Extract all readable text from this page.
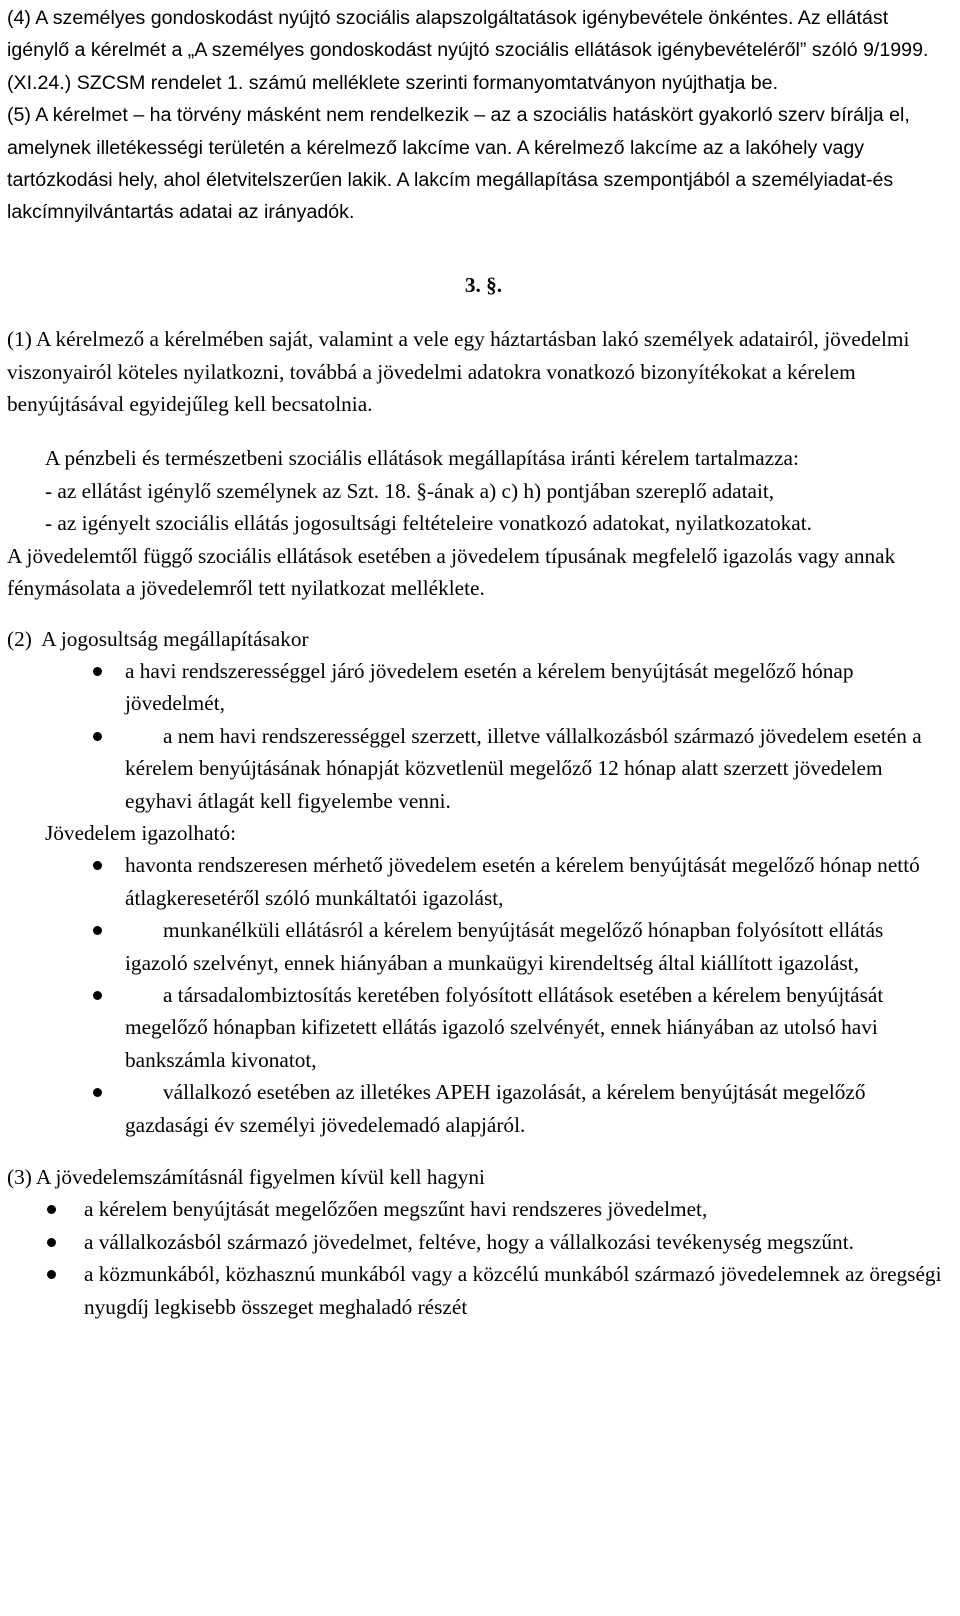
(4) A személyes gondoskodást nyújtó szociális alapszolgáltatások igénybevétele önkéntes. Az ellátást igénylő a kérelmét a „A személyes gondoskodást nyújtó szociális ellátások igénybevételéről” szóló 9/1999.(XI.24.) SZCSM rendelet 1. számú melléklete szerinti formanyomtatványon nyújthatja be.

(5) A kérelmet – ha törvény másként nem rendelkezik – az a szociális hatáskört gyakorló szerv bírálja el, amelynek illetékességi területén a kérelmező lakcíme van. A kérelmező lakcíme az a lakóhely vagy tartózkodási hely, ahol életvitelszerűen lakik. A lakcím megállapítása szempontjából a személyiadat-és lakcímnyilvántartás adatai az irányadók.

3. §.

(1) A kérelmező a kérelmében saját, valamint a vele egy háztartásban lakó személyek adatairól, jövedelmi viszonyairól köteles nyilatkozni, továbbá a jövedelmi adatokra vonatkozó bizonyítékokat a kérelem benyújtásával egyidejűleg kell becsatolnia.

A pénzbeli és természetbeni szociális ellátások megállapítása iránti kérelem tartalmazza:

- az ellátást igénylő személynek az Szt. 18. §-ának a) c) h) pontjában szereplő adatait,

- az igényelt szociális ellátás jogosultsági feltételeire vonatkozó adatokat, nyilatkozatokat.

A jövedelemtől függő szociális ellátások esetében a jövedelem típusának megfelelő igazolás vagy annak fénymásolata a jövedelemről tett nyilatkozat melléklete.

(2)  A jogosultság megállapításakor

a havi rendszerességgel járó jövedelem esetén a kérelem benyújtását megelőző hónap jövedelmét,
a nem havi rendszerességgel szerzett, illetve vállalkozásból származó jövedelem esetén a kérelem benyújtásának hónapját közvetlenül megelőző 12 hónap alatt szerzett jövedelem egyhavi átlagát kell figyelembe venni.

Jövedelem igazolható:

havonta rendszeresen mérhető jövedelem esetén a kérelem benyújtását megelőző hónap nettó átlagkeresetéről szóló munkáltatói igazolást,
munkanélküli ellátásról a kérelem benyújtását megelőző hónapban folyósított ellátás igazoló szelvényt, ennek hiányában a munkaügyi kirendeltség által kiállított igazolást,
a társadalombiztosítás keretében folyósított ellátások esetében a kérelem benyújtását megelőző hónapban kifizetett ellátás igazoló szelvényét, ennek hiányában az utolsó havi bankszámla kivonatot,
vállalkozó esetében az illetékes APEH igazolását, a kérelem benyújtását megelőző gazdasági év személyi jövedelemadó alapjáról.

(3) A jövedelemszámításnál figyelmen kívül kell hagyni

a kérelem benyújtását megelőzően megszűnt havi rendszeres jövedelmet,
a vállalkozásból származó jövedelmet, feltéve, hogy a vállalkozási tevékenység megszűnt.
a közmunkából, közhasznú munkából vagy a közcélú munkából származó jövedelemnek az öregségi nyugdíj legkisebb összeget meghaladó részét
